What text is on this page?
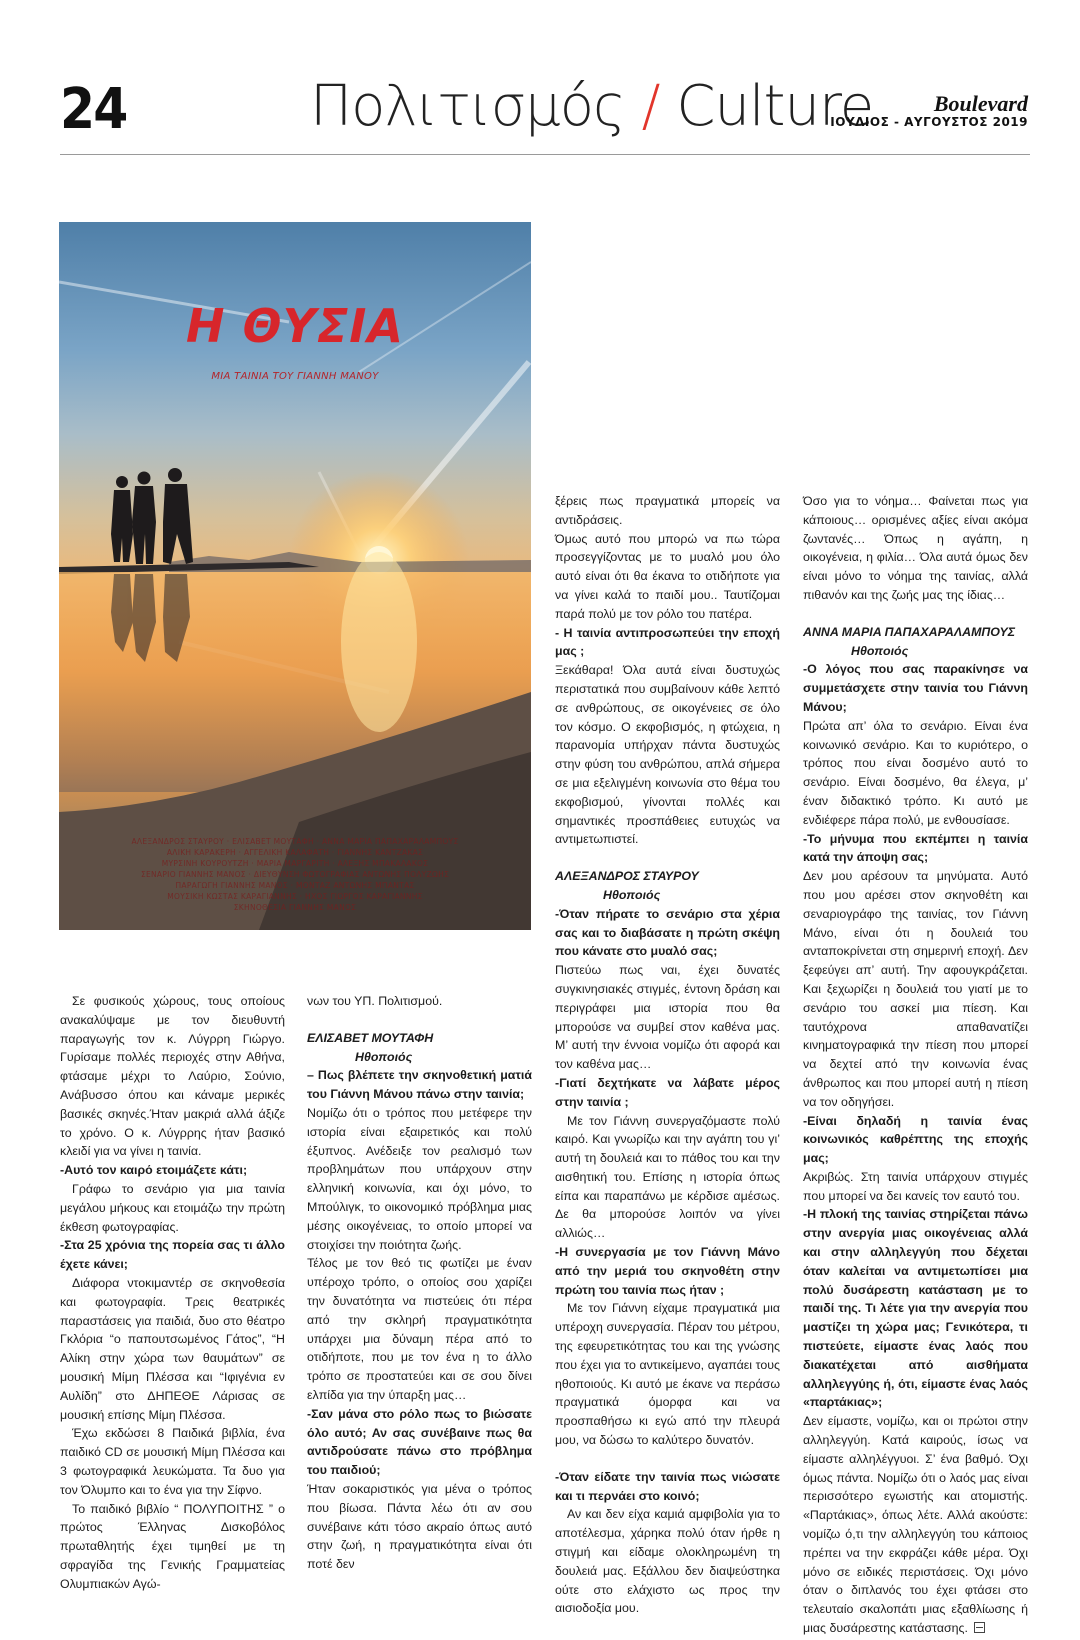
24	Πολιτισμός / Culture	Boulevard
ΙΟΥΛΙΟΣ - ΑΥΓΟΥΣΤΟΣ 2019
Η ΘΥΣΙΑ
ΜΙΑ ΤΑΙΝΙΑ ΤΟΥ ΓΙΑΝΝΗ ΜΑΝΟΥ
ΑΛΕΞΑΝΔΡΟΣ ΣΤΑΥΡΟΥ · ΕΛΙΣΑΒΕΤ ΜΟΥΤΑΦΗ · ΑΝΝΑ ΜΑΡΙΑ ΠΑΠΑΧΑΡΑΛΑΜΠΟΥΣ
ΑΛΙΚΗ ΚΑΡΑΚΕΡΗ · ΑΓΓΕΛΙΚΗ ΚΑΛΑΦΑΤΗ · ΓΙΑΝΝΗΣ ΚΑΝΤΖΑΚΑΣ
ΜΥΡΣΙΝΗ ΚΟΥΡΟΥΤΖΗ · ΜΑΡΙΑ ΜΑΡΓΑΡΙΤΗ · ΑΛΕΞΗΣ ΜΠΑΚΑΛΑΚΟΣ
ΣΕΝΑΡΙΟ ΓΙΑΝΝΗΣ ΜΑΝΟΣ · ΔΙΕΥΘΥΝΣΗ ΦΩΤΟΓΡΑΦΙΑΣ ΑΝΤΩΝΗΣ ΠΟΛΥΖΩΗΣ
ΠΑΡΑΓΩΓΗ ΓΙΑΝΝΗΣ ΜΑΝΟΣ · ΜΟΝΤΑΖ ΑΝΤΩΝΗΣ ΜΠΑΝΤΑΣ
ΜΟΥΣΙΚΗ ΚΩΣΤΑΣ ΚΑΡΑΓΙΑΝΝΗΣ · ΗΧΟΣ ΓΙΩΡΓΟΣ ΚΑΡΑΓΙΑΝΝΗΣ
ΣΚΗΝΟΘΕΣΙΑ ΓΙΑΝΝΗΣ ΜΑΝΟΣ

Σε φυσικούς χώρους, τους οποίους ανακαλύψαμε με τον διευθυντή παραγωγής τον κ. Λύγρρη Γιώργο. Γυρίσαμε πολλές περιοχές στην Αθήνα, φτάσαμε μέχρι το Λαύριο, Σούνιο, Ανάβυσσο όπου και κάναμε μερικές βασικές σκηνές.Ήταν μακριά αλλά άξιζε το χρόνο. Ο κ. Λύγρρης ήταν βασικό κλειδί για να γίνει η ταινία.

-Αυτό τον καιρό ετοιμάζετε κάτι;

Γράφω το σενάριο για μια ταινία μεγάλου μήκους και ετοιμάζω την πρώτη έκθεση φωτογραφίας.

-Στα 25 χρόνια της πορεία σας τι άλλο έχετε κάνει;

Διάφορα ντοκιμαντέρ σε σκηνοθεσία και φωτογραφία. Τρεις θεατρικές παραστάσεις για παιδιά, δυο στο θέατρο Γκλόρια “ο παπουτσωμένος Γάτος”, “Η Αλίκη στην χώρα των θαυμάτων” σε μουσική Μίμη Πλέσσα και “Ιφιγένια εν Αυλίδη” στο ΔΗΠΕΘΕ Λάρισας σε μουσική επίσης Μίμη Πλέσσα.

Έχω εκδώσει 8 Παιδικά βιβλία, ένα παιδικό CD σε μουσική Μίμη Πλέσσα και 3 φωτογραφικά λευκώματα. Τα δυο για τον Όλυμπο και το ένα για την Σίφνο.

Το παιδικό βιβλίο “ ΠΟΛΥΠΟΙΤΗΣ ” ο πρώτος Έλληνας Δισκοβόλος πρωταθλητής έχει τιμηθεί με τη σφραγίδα της Γενικής Γραμματείας Ολυμπιακών Αγώ-

νων του ΥΠ. Πολιτισμού.

ΕΛΙΣΑΒΕΤ ΜΟΥΤΑΦΗ

Ηθοποιός

– Πως βλέπετε την σκηνοθετική ματιά του Γιάννη Μάνου πάνω στην ταινία;

Νομίζω ότι ο τρόπος που μετέφερε την ιστορία είναι εξαιρετικός και πολύ έξυπνος. Ανέδειξε τον ρεαλισμό των προβλημάτων που υπάρχουν στην ελληνική κοινωνία, και όχι μόνο, το Μπούλιγκ, το οικονομικό πρόβλημα μιας μέσης οικογένειας, το οποίο μπορεί να στοιχίσει την ποιότητα ζωής.

Τέλος με τον θεό τις φωτίζει με έναν υπέροχο τρόπο, ο οποίος σου χαρίζει την δυνατότητα να πιστεύεις ότι πέρα από την σκληρή πραγματικότητα υπάρχει μια δύναμη πέρα από το οτιδήποτε, που με τον ένα η το άλλο τρόπο σε προστατεύει και σε σου δίνει ελπίδα για την ύπαρξη μας…

-Σαν μάνα στο ρόλο πως το βιώσατε όλο αυτό; Αν σας συνέβαινε πως θα αντιδρούσατε πάνω στο πρόβλημα του παιδιού;

Ήταν σοκαριστικός για μένα ο τρόπος που βίωσα. Πάντα λέω ότι αν σου συνέβαινε κάτι τόσο ακραίο όπως αυτό στην ζωή, η πραγματικότητα είναι ότι ποτέ δεν

ξέρεις πως πραγματικά μπορείς να αντιδράσεις.

Όμως αυτό που μπορώ να πω τώρα προσεγγίζοντας με το μυαλό μου όλο αυτό είναι ότι θα έκανα το οτιδήποτε για να γίνει καλά το παιδί μου.. Ταυτίζομαι παρά πολύ με τον ρόλο του πατέρα.

- Η ταινία αντιπροσωπεύει την εποχή μας ;

Ξεκάθαρα! Όλα αυτά είναι δυστυχώς περιστατικά που συμβαίνουν κάθε λεπτό σε ανθρώπους, σε οικογένειες σε όλο τον κόσμο. Ο εκφοβισμός, η φτώχεια, η παρανομία υπήρχαν πάντα δυστυχώς στην φύση του ανθρώπου, απλά σήμερα σε μια εξελιγμένη κοινωνία στο θέμα του εκφοβισμού, γίνονται πολλές και σημαντικές προσπάθειες ευτυχώς να αντιμετωπιστεί.

ΑΛΕΞΑΝΔΡΟΣ ΣΤΑΥΡΟΥ

Ηθοποιός

-Όταν πήρατε το σενάριο στα χέρια σας και το διαβάσατε η πρώτη σκέψη που κάνατε στο μυαλό σας;

Πιστεύω πως ναι, έχει δυνατές συγκινησιακές στιγμές, έντονη δράση και περιγράφει μια ιστορία που θα μπορούσε να συμβεί στον καθένα μας. Μ’ αυτή την έννοια νομίζω ότι αφορά και τον καθένα μας…

-Γιατί δεχτήκατε να λάβατε μέρος στην ταινία ;

Με τον Γιάννη συνεργαζόμαστε πολύ καιρό. Και γνωρίζω και την αγάπη του γι’ αυτή τη δουλειά και το πάθος του και την αισθητική του. Επίσης η ιστορία όπως είπα και παραπάνω με κέρδισε αμέσως. Δε θα μπορούσε λοιπόν να γίνει αλλιώς…

-Η συνεργασία με τον Γιάννη Μάνο από την μεριά του σκηνοθέτη στην πρώτη του ταινία πως ήταν ;

Με τον Γιάννη είχαμε πραγματικά μια υπέροχη συνεργασία. Πέραν του μέτρου, της εφευρετικότητας του και της γνώσης που έχει για το αντικείμενο, αγαπάει τους ηθοποιούς. Κι αυτό με έκανε να περάσω πραγματικά όμορφα και να προσπαθήσω κι εγώ από την πλευρά μου, να δώσω το καλύτερο δυνατόν.

-Όταν είδατε την ταινία πως νιώσατε και τι περνάει στο κοινό;

Αν και δεν είχα καμιά αμφιβολία για το αποτέλεσμα, χάρηκα πολύ όταν ήρθε η στιγμή και είδαμε ολοκληρωμένη τη δουλειά μας. Εξάλλου δεν διαψεύστηκα ούτε στο ελάχιστο ως προς την αισιοδοξία μου.

Όσο για το νόημα… Φαίνεται πως για κάποιους… ορισμένες αξίες είναι ακόμα ζωντανές… Όπως η αγάπη, η οικογένεια, η φιλία… Όλα αυτά όμως δεν είναι μόνο το νόημα της ταινίας, αλλά πιθανόν και της ζωής μας της ίδιας…

ΑΝΝΑ ΜΑΡΙΑ ΠΑΠΑΧΑΡΑΛΑΜΠΟΥΣ

Ηθοποιός

-Ο λόγος που σας παρακίνησε να συμμετάσχετε στην ταινία του Γιάννη Μάνου;

Πρώτα απ’ όλα το σενάριο. Είναι ένα κοινωνικό σενάριο. Και το κυριότερο, ο τρόπος που είναι δοσμένο αυτό το σενάριο. Είναι δοσμένο, θα έλεγα, μ’ έναν διδακτικό τρόπο. Κι αυτό με ενδιέφερε πάρα πολύ, με ενθουσίασε.

-Το μήνυμα που εκπέμπει η ταινία κατά την άποψη σας;

Δεν μου αρέσουν τα μηνύματα. Αυτό που μου αρέσει στον σκηνοθέτη και σεναριογράφο της ταινίας, τον Γιάννη Μάνο, είναι ότι η δουλειά του ανταποκρίνεται στη σημερινή εποχή. Δεν ξεφεύγει απ’ αυτή. Την αφουγκράζεται. Και ξεχωρίζει η δουλειά του γιατί με το σενάριο του ασκεί μια πίεση. Και ταυτόχρονα απαθανατίζει κινηματογραφικά την πίεση που μπορεί να δεχτεί από την κοινωνία ένας άνθρωπος και που μπορεί αυτή η πίεση να τον οδηγήσει.

-Είναι δηλαδή η ταινία ένας κοινωνικός καθρέπτης της εποχής μας;

Ακριβώς. Στη ταινία υπάρχουν στιγμές που μπορεί να δει κανείς τον εαυτό του.

-Η πλοκή της ταινίας στηρίζεται πάνω στην ανεργία μιας οικογένειας αλλά και στην αλληλεγγύη που δέχεται όταν καλείται να αντιμετωπίσει μια πολύ δυσάρεστη κατάσταση με το παιδί της. Τι λέτε για την ανεργία που μαστίζει τη χώρα μας; Γενικότερα, τι πιστεύετε, είμαστε ένας λαός που διακατέχεται από αισθήματα αλληλεγγύης ή, ότι, είμαστε ένας λαός «παρτάκιας»;

Δεν είμαστε, νομίζω, και οι πρώτοι στην αλληλεγγύη. Κατά καιρούς, ίσως να είμαστε αλληλέγγυοι. Σ’ ένα βαθμό. Όχι όμως πάντα. Νομίζω ότι ο λαός μας είναι περισσότερο εγωιστής και ατομιστής. «Παρτάκιας», όπως λέτε. Αλλά ακούστε: νομίζω ό,τι την αλληλεγγύη του κάποιος πρέπει να την εκφράζει κάθε μέρα. Όχι μόνο σε ειδικές περιστάσεις. Όχι μόνο όταν ο διπλανός του έχει φτάσει στο τελευταίο σκαλοπάτι μιας εξαθλίωσης ή μιας δυσάρεστης κατάστασης.
